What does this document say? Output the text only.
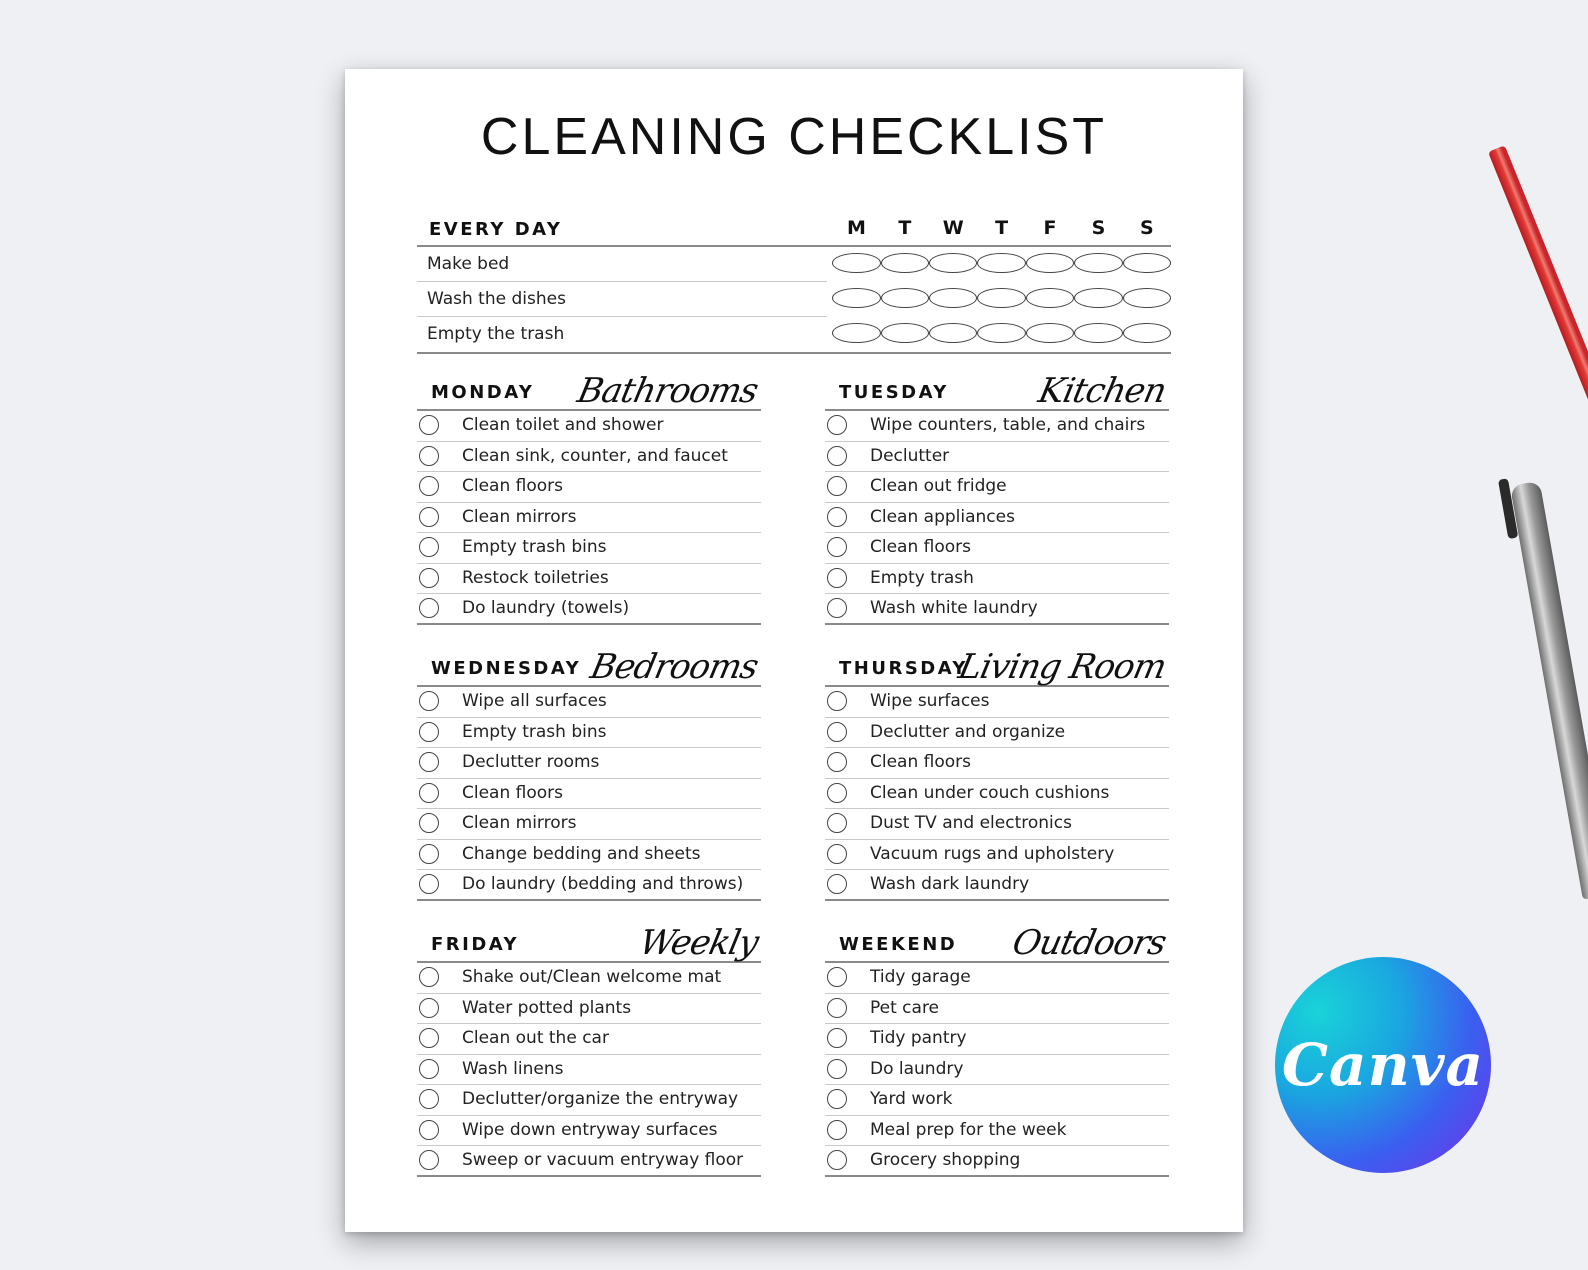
CLEANING CHECKLIST
EVERY DAY	M	T	W	T	F	S	S
Make bed
Wash the dishes
Empty the trash
MONDAY Bathrooms
Clean toilet and shower
Clean sink, counter, and faucet
Clean floors
Clean mirrors
Empty trash bins
Restock toiletries
Do laundry (towels)
TUESDAY	Kitchen
Wipe counters, table, and chairs
Declutter
Clean out fridge
Clean appliances
Clean floors
Empty trash
Wash white laundry
WEDNESDAY Bedrooms
Wipe all surfaces
Empty trash bins
Declutter rooms
Clean floors
Clean mirrors
Change bedding and sheets
Do laundry (bedding and throws)
THURSDAY
Living Room
Wipe surfaces
Declutter and organize
Clean floors
Clean under couch cushions
Dust TV and electronics
Vacuum rugs and upholstery
Wash dark laundry
FRIDAY	Weekly
Shake out/Clean welcome mat
Water potted plants
Clean out the car
Wash linens
Declutter/organize the entryway
Wipe down entryway surfaces
Sweep or vacuum entryway floor
WEEKEND Outdoors
Tidy garage
Pet care
Tidy pantry
Do laundry
Yard work
Meal prep for the week
Grocery shopping
Canva
